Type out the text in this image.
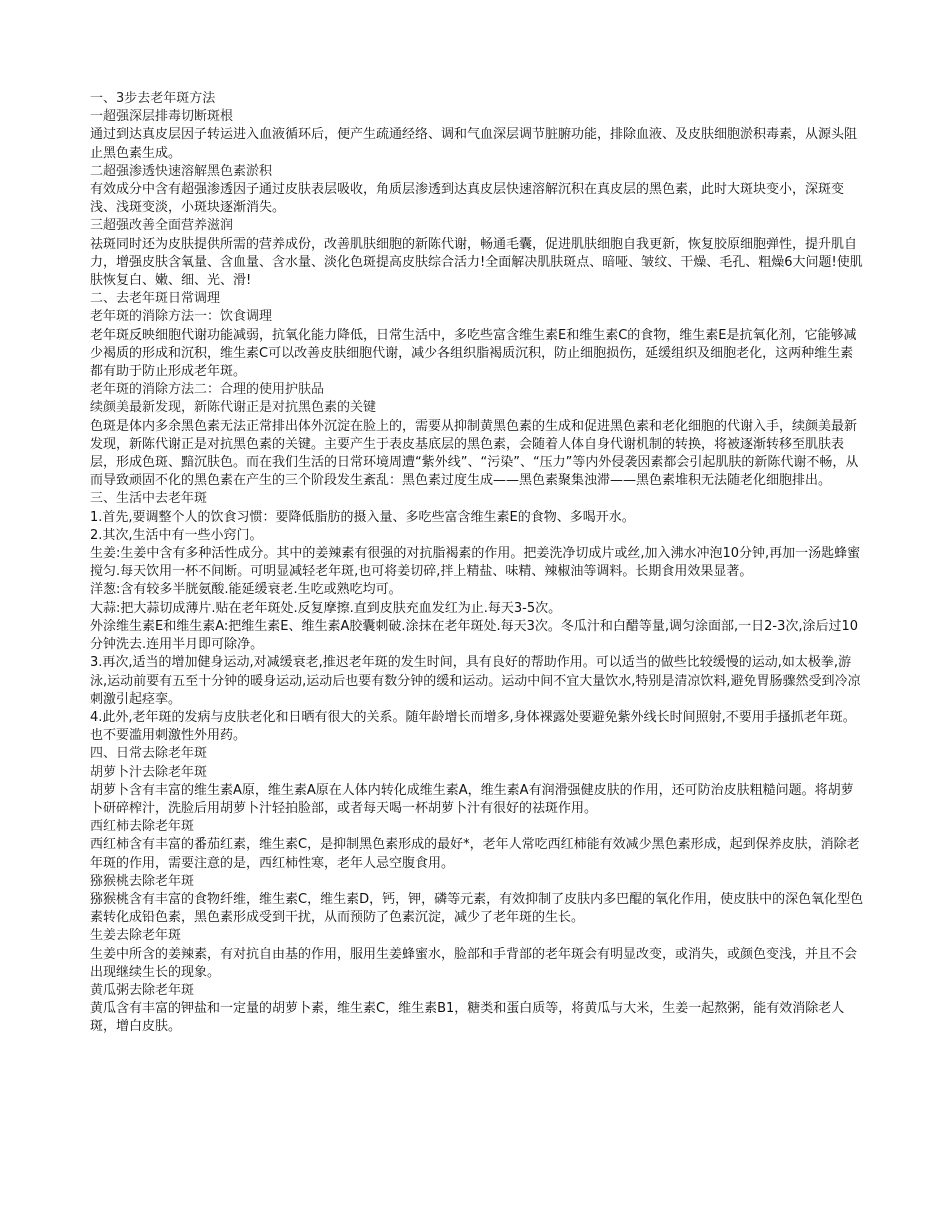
一、3步去老年斑方法
一超强深层排毒切断斑根
通过到达真皮层因子转运进入血液循环后，便产生疏通经络、调和气血深层调节脏腑功能，排除血液、及皮肤细胞淤积毒素，从源头阻止黑色素生成。
二超强渗透快速溶解黑色素淤积
有效成分中含有超强渗透因子通过皮肤表层吸收，角质层渗透到达真皮层快速溶解沉积在真皮层的黑色素，此时大斑块变小，深斑变浅、浅斑变淡，小斑块逐渐消失。
三超强改善全面营养滋润
祛斑同时还为皮肤提供所需的营养成份，改善肌肤细胞的新陈代谢，畅通毛囊，促进肌肤细胞自我更新，恢复胶原细胞弹性，提升肌自力，增强皮肤含氧量、含血量、含水量、淡化色斑提高皮肤综合活力!全面解决肌肤斑点、暗哑、皱纹、干燥、毛孔、粗燥6大问题!使肌肤恢复白、嫩、细、光、滑!
二、去老年斑日常调理
老年斑的消除方法一：饮食调理
老年斑反映细胞代谢功能减弱，抗氧化能力降低，日常生活中，多吃些富含维生素E和维生素C的食物，维生素E是抗氧化剂，它能够减少褐质的形成和沉积，维生素C可以改善皮肤细胞代谢，减少各组织脂褐质沉积，防止细胞损伤，延缓组织及细胞老化，这两种维生素都有助于防止形成老年斑。
老年斑的消除方法二：合理的使用护肤品
续颜美最新发现，新陈代谢正是对抗黑色素的关键
色斑是体内多余黑色素无法正常排出体外沉淀在脸上的，需要从抑制黄黑色素的生成和促进黑色素和老化细胞的代谢入手，续颜美最新发现，新陈代谢正是对抗黑色素的关键。主要产生于表皮基底层的黑色素，会随着人体自身代谢机制的转换，将被逐渐转移至肌肤表层，形成色斑、黯沉肤色。而在我们生活的日常环境周遭“紫外线”、“污染”、“压力”等内外侵袭因素都会引起肌肤的新陈代谢不畅，从而导致顽固不化的黑色素在产生的三个阶段发生紊乱：黑色素过度生成——黑色素聚集浊滞——黑色素堆积无法随老化细胞排出。
三、生活中去老年斑
1.首先,要调整个人的饮食习惯：要降低脂肪的摄入量、多吃些富含维生素E的食物、多喝开水。
2.其次,生活中有一些小窍门。
生姜:生姜中含有多种活性成分。其中的姜辣素有很强的对抗脂褐素的作用。把姜洗净切成片或丝,加入沸水冲泡10分钟,再加一汤匙蜂蜜搅匀.每天饮用一杯不间断。可明显减轻老年斑,也可将姜切碎,拌上精盐、味精、辣椒油等调料。长期食用效果显著。
洋葱:含有较多半胱氨酸.能延缓衰老.生吃或熟吃均可。
大蒜:把大蒜切成薄片.贴在老年斑处.反复摩擦.直到皮肤充血发红为止.每天3-5次。
外涂维生素E和维生素A:把维生素E、维生素A胶囊刺破.涂抹在老年斑处.每天3次。冬瓜汁和白醋等量,调匀涂面部,一日2-3次,涂后过10分钟洗去.连用半月即可除净。
3.再次,适当的增加健身运动,对减缓衰老,推迟老年斑的发生时间，具有良好的帮助作用。可以适当的做些比较缓慢的运动,如太极拳,游泳,运动前要有五至十分钟的暖身运动,运动后也要有数分钟的缓和运动。运动中间不宜大量饮水,特别是清凉饮料,避免胃肠骤然受到冷凉刺激引起痉挛。
4.此外,老年斑的发病与皮肤老化和日晒有很大的关系。随年龄增长而增多,身体裸露处要避免紫外线长时间照射,不要用手搔抓老年斑。也不要滥用刺激性外用药。
四、日常去除老年斑
胡萝卜汁去除老年斑
胡萝卜含有丰富的维生素A原，维生素A原在人体内转化成维生素A，维生素A有润滑强健皮肤的作用，还可防治皮肤粗糙问题。将胡萝卜研碎榨汁，洗脸后用胡萝卜汁轻拍脸部，或者每天喝一杯胡萝卜汁有很好的祛斑作用。
西红柿去除老年斑
西红柿含有丰富的番茄红素，维生素C，是抑制黑色素形成的最好*，老年人常吃西红柿能有效减少黑色素形成，起到保养皮肤，消除老年斑的作用，需要注意的是，西红柿性寒，老年人忌空腹食用。
猕猴桃去除老年斑
猕猴桃含有丰富的食物纤维，维生素C，维生素D，钙，钾，磷等元素，有效抑制了皮肤内多巴醌的氧化作用，使皮肤中的深色氧化型色素转化成铅色素，黑色素形成受到干扰，从而预防了色素沉淀，减少了老年斑的生长。
生姜去除老年斑
生姜中所含的姜辣素，有对抗自由基的作用，服用生姜蜂蜜水，脸部和手背部的老年斑会有明显改变，或消失，或颜色变浅，并且不会出现继续生长的现象。
黄瓜粥去除老年斑
黄瓜含有丰富的钾盐和一定量的胡萝卜素，维生素C，维生素B1，糖类和蛋白质等，将黄瓜与大米，生姜一起熬粥，能有效消除老人斑，增白皮肤。
